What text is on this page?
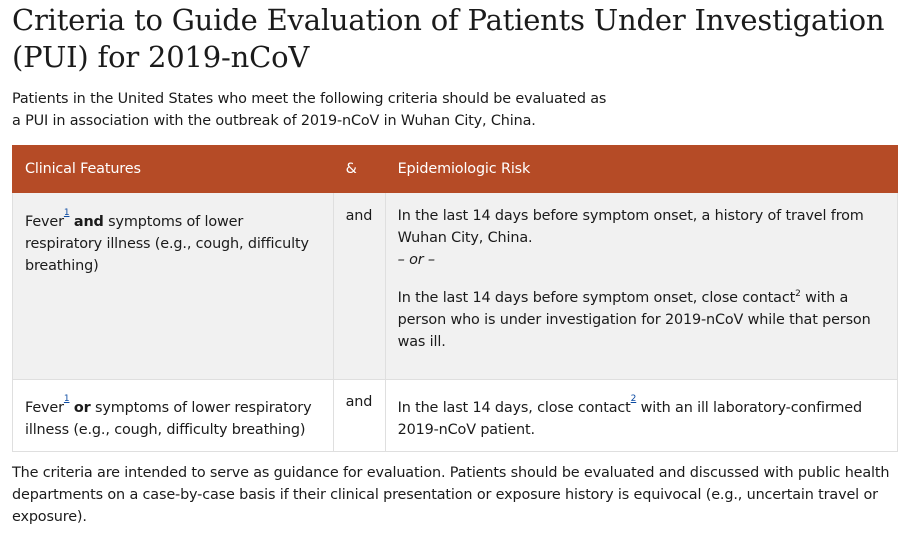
Criteria to Guide Evaluation of Patients Under Investigation (PUI) for 2019-nCoV

Patients in the United States who meet the following criteria should be evaluated as a PUI in association with the outbreak of 2019-nCoV in Wuhan City, China.

Clinical Features	&	Epidemiologic Risk
Fever$^{^1}$ and symptoms of lower respiratory illness (e.g., cough, difficulty breathing)	and	In the last 14 days before symptom onset, a history of travel from Wuhan City, China.
– or –
In the last 14 days before symptom onset, close contact$^2$ with a person who is under investigation for 2019-nCoV while that person was ill.
Fever$^{^1}$ or symptoms of lower respiratory illness (e.g., cough, difficulty breathing)	and	In the last 14 days, close contact$^{^2}$ with an ill laboratory-confirmed 2019-nCoV patient.

The criteria are intended to serve as guidance for evaluation. Patients should be evaluated and discussed with public health departments on a case-by-case basis if their clinical presentation or exposure history is equivocal (e.g., uncertain travel or exposure).
